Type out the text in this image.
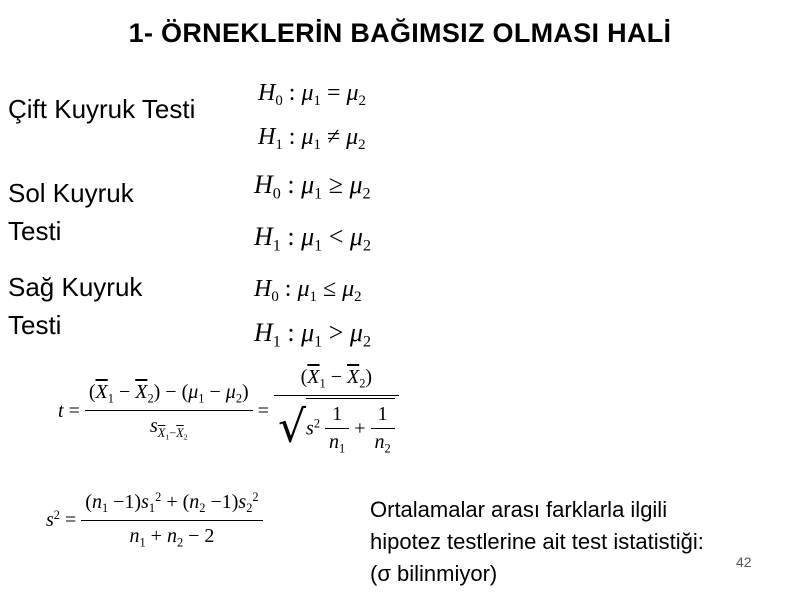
1- ÖRNEKLERİN BAĞIMSIZ OLMASI HALİ
Çift Kuyruk Testi
Sol Kuyruk
Testi
Sağ Kuyruk
Testi
$H_0$ : $\mu_1 = \mu_2$
$H_1$ : $\mu_1 \ne \mu_2$
$H_0$ : $\mu_1 \ge \mu_2$
$H_1$ : $\mu_1 < \mu_2$
$H_0$ : $\mu_1 \le \mu_2$
$H_1$ : $\mu_1 > \mu_2$
$t = \frac{(\overline{X}_1 - \overline{X}_2) - (\mu_1 - \mu_2)}{s_{\overline{X}_1-\overline{X}_2}} = \frac{(\overline{X}_1 - \overline{X}_2)}{√s^2 \frac{1}{n_1} + \frac{1}{n_2}}$
$s^2 = \frac{(n_1 -1)s_1^2 + (n_2 -1)s_2^2}{n_1 + n_2 - 2}$	Ortalamalar arası farklarla ilgili
hipotez testlerine ait test istatistiği:
(σ bilinmiyor)	42
